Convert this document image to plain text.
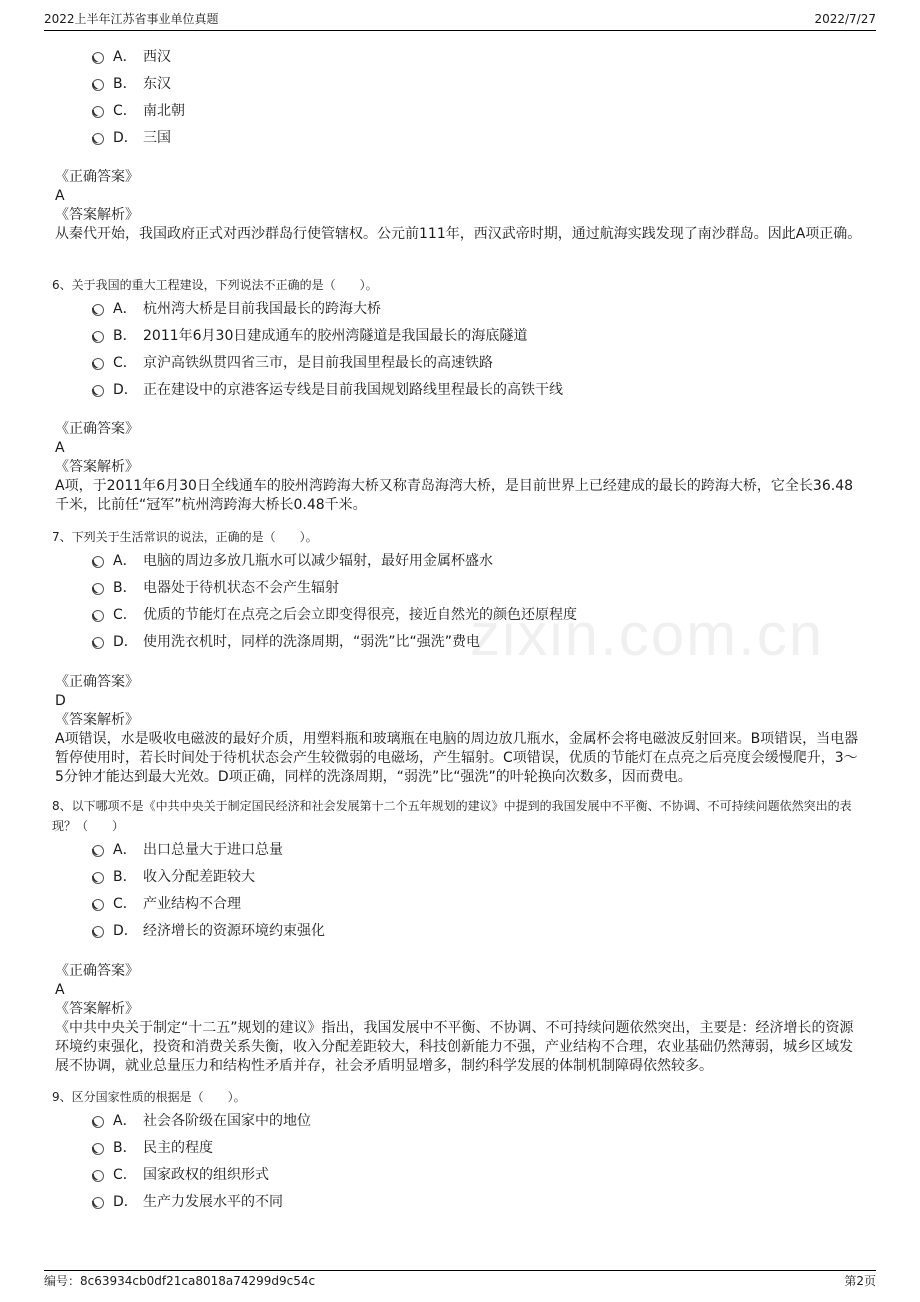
2022上半年江苏省事业单位真题	2022/7/27
zixin.com.cn
A． 西汉
B． 东汉
C． 南北朝
D． 三国
《正确答案》
A
《答案解析》
从秦代开始，我国政府正式对西沙群岛行使管辖权。公元前111年，西汉武帝时期，通过航海实践发现了南沙群岛。因此A项正确。
6、关于我国的重大工程建设，下列说法不正确的是（　　）。
A． 杭州湾大桥是目前我国最长的跨海大桥
B． 2011年6月30日建成通车的胶州湾隧道是我国最长的海底隧道
C． 京沪高铁纵贯四省三市，是目前我国里程最长的高速铁路
D． 正在建设中的京港客运专线是目前我国规划路线里程最长的高铁干线
《正确答案》
A
《答案解析》
A项，于2011年6月30日全线通车的胶州湾跨海大桥又称青岛海湾大桥，是目前世界上已经建成的最长的跨海大桥，它全长36.48千米，比前任“冠军”杭州湾跨海大桥长0.48千米。
7、下列关于生活常识的说法，正确的是（　　）。
A． 电脑的周边多放几瓶水可以减少辐射，最好用金属杯盛水
B． 电器处于待机状态不会产生辐射
C． 优质的节能灯在点亮之后会立即变得很亮，接近自然光的颜色还原程度
D． 使用洗衣机时，同样的洗涤周期，“弱洗”比“强洗”费电
《正确答案》
D
《答案解析》
A项错误，水是吸收电磁波的最好介质，用塑料瓶和玻璃瓶在电脑的周边放几瓶水，金属杯会将电磁波反射回来。B项错误，当电器暂停使用时，若长时间处于待机状态会产生较微弱的电磁场，产生辐射。C项错误，优质的节能灯在点亮之后亮度会缓慢爬升，3～5分钟才能达到最大光效。D项正确，同样的洗涤周期，“弱洗”比“强洗”的叶轮换向次数多，因而费电。
8、以下哪项不是《中共中央关于制定国民经济和社会发展第十二个五年规划的建议》中提到的我国发展中不平衡、不协调、不可持续问题依然突出的表现？（　　）
A． 出口总量大于进口总量
B． 收入分配差距较大
C． 产业结构不合理
D． 经济增长的资源环境约束强化
《正确答案》
A
《答案解析》
《中共中央关于制定“十二五”规划的建议》指出，我国发展中不平衡、不协调、不可持续问题依然突出，主要是：经济增长的资源环境约束强化，投资和消费关系失衡，收入分配差距较大，科技创新能力不强，产业结构不合理，农业基础仍然薄弱，城乡区域发展不协调，就业总量压力和结构性矛盾并存，社会矛盾明显增多，制约科学发展的体制机制障碍依然较多。
9、区分国家性质的根据是（　　）。
A． 社会各阶级在国家中的地位
B． 民主的程度
C． 国家政权的组织形式
D． 生产力发展水平的不同
编号：8c63934cb0df21ca8018a74299d9c54c	第2页
